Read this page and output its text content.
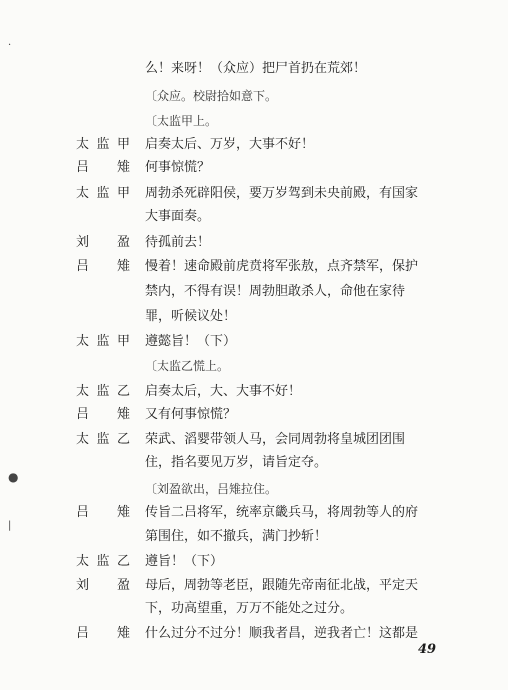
么！来呀！（众应）把尸首扔在荒郊！
〔众应。校尉拾如意下。
〔太监甲上。
太 监 甲 启奏太后、万岁，大事不好！
吕 雉 何事惊慌？
太 监 甲 周勃杀死辟阳侯，要万岁驾到未央前殿，有国家
大事面奏。
刘 盈 待孤前去！
吕 雉 慢着！速命殿前虎贲将军张敖，点齐禁军，保护
禁内，不得有误！周勃胆敢杀人，命他在家待
罪，听候议处！
太 监 甲 遵懿旨！（下）
〔太监乙慌上。
太 监 乙 启奏太后，大、大事不好！
吕 雉 又有何事惊慌？
太 监 乙 荣武、滔婴带领人马，会同周勃将皇城团团围
住，指名要见万岁，请旨定夺。
〔刘盈欲出，吕雉拉住。
吕 雉 传旨二吕将军，统率京畿兵马，将周勃等人的府
第围住，如不撤兵，满门抄斩！
太 监 乙 遵旨！（下）
刘 盈 母后，周勃等老臣，跟随先帝南征北战，平定天
下，功高望重，万万不能处之过分。
吕 雉 什么过分不过分！顺我者昌，逆我者亡！这都是
49
·
●
|
